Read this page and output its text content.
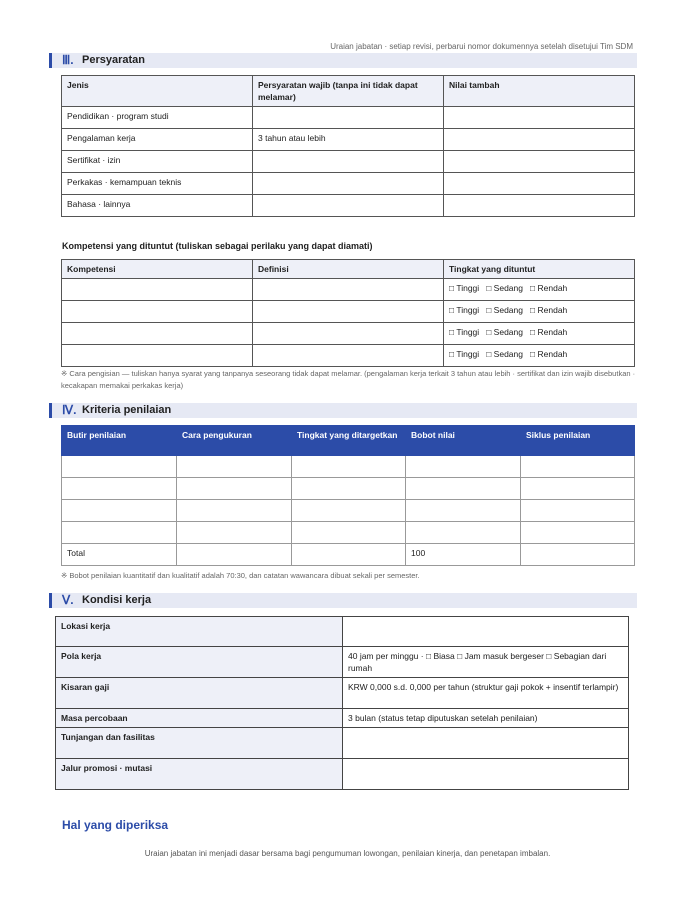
Uraian jabatan · setiap revisi, perbarui nomor dokumennya setelah disetujui Tim SDM
Ⅲ. Persyaratan
Jenis	Persyaratan wajib (tanpa ini tidak dapat melamar)	Nilai tambah
Pendidikan · program studi		
Pengalaman kerja	3 tahun atau lebih	
Sertifikat · izin		
Perkakas · kemampuan teknis		
Bahasa · lainnya		
Kompetensi yang dituntut (tuliskan sebagai perilaku yang dapat diamati)
Kompetensi	Definisi	Tingkat yang dituntut
		□ Tinggi □ Sedang □ Rendah
		□ Tinggi □ Sedang □ Rendah
		□ Tinggi □ Sedang □ Rendah
		□ Tinggi □ Sedang □ Rendah
※ Cara pengisian — tuliskan hanya syarat yang tanpanya seseorang tidak dapat melamar. (pengalaman kerja terkait 3 tahun atau lebih · sertifikat dan izin wajib disebutkan · kecakapan memakai perkakas kerja)
Ⅳ. Kriteria penilaian
Butir penilaian	Cara pengukuran	Tingkat yang ditargetkan	Bobot nilai	Siklus penilaian

Total			100	
※ Bobot penilaian kuantitatif dan kualitatif adalah 70:30, dan catatan wawancara dibuat sekali per semester.
Ⅴ. Kondisi kerja
Lokasi kerja	
Pola kerja	40 jam per minggu · □ Biasa □ Jam masuk bergeser □ Sebagian dari rumah
Kisaran gaji	KRW 0,000 s.d. 0,000 per tahun (struktur gaji pokok + insentif terlampir)
Masa percobaan	3 bulan (status tetap diputuskan setelah penilaian)
Tunjangan dan fasilitas	
Jalur promosi · mutasi	
Hal yang diperiksa
Uraian jabatan ini menjadi dasar bersama bagi pengumuman lowongan, penilaian kinerja, dan penetapan imbalan.
